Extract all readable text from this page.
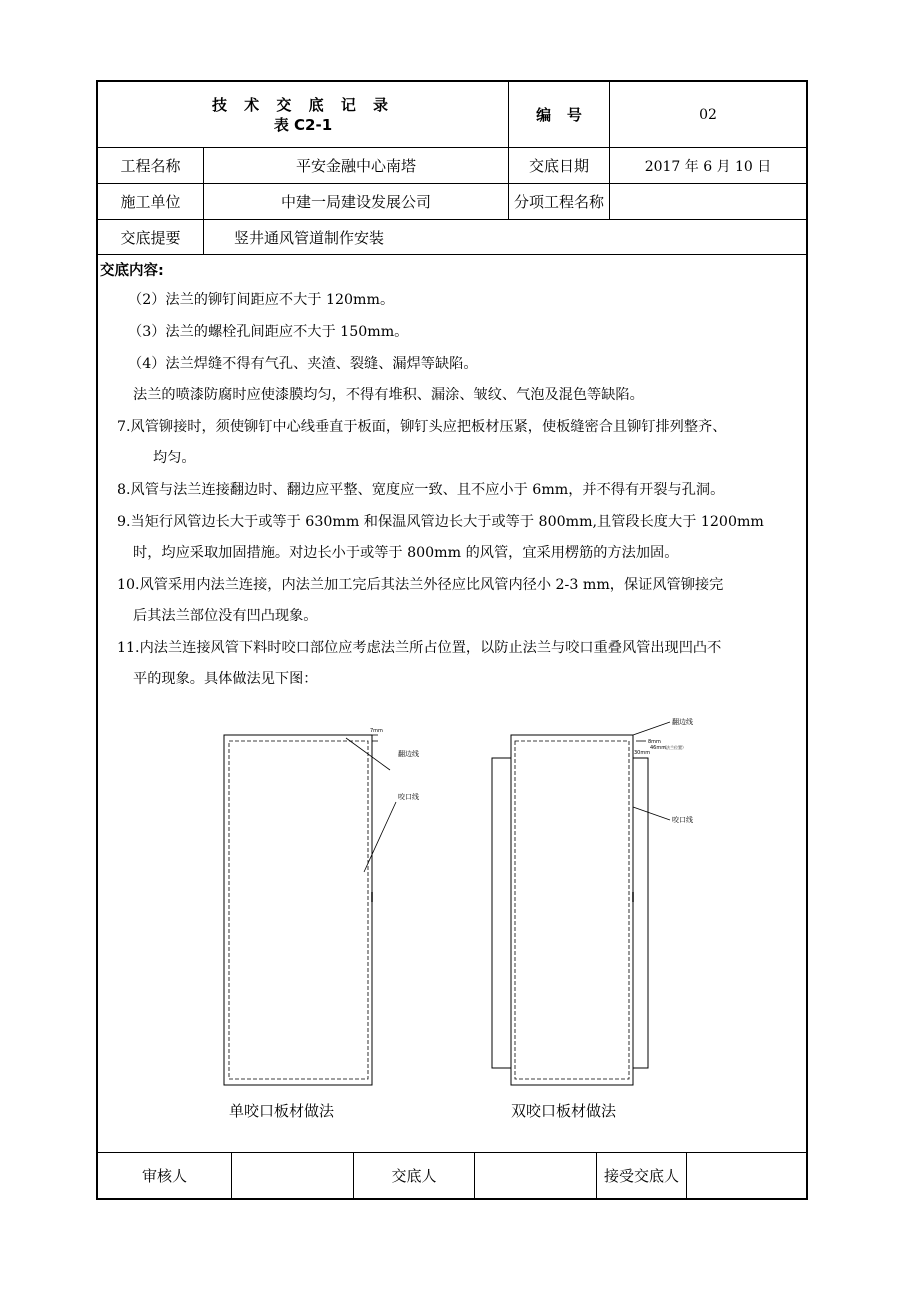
技 术 交 底 记 录
表 C2-1
编   号	02
工程名称	平安金融中心南塔	交底日期	2017 年 6 月 10 日
施工单位	中建一局建设发展公司	分项工程名称
交底提要	竖井通风管道制作安装

交底内容:

（2）法兰的铆钉间距应不大于 120mm。

（3）法兰的螺栓孔间距应不大于 150mm。

（4）法兰焊缝不得有气孔、夹渣、裂缝、漏焊等缺陷。

法兰的喷漆防腐时应使漆膜均匀，不得有堆积、漏涂、皱纹、气泡及混色等缺陷。

7.风管铆接时，须使铆钉中心线垂直于板面，铆钉头应把板材压紧，使板缝密合且铆钉排列整齐、

均匀。

8.风管与法兰连接翻边时、翻边应平整、宽度应一致、且不应小于 6mm，并不得有开裂与孔洞。

9.当矩行风管边长大于或等于 630mm 和保温风管边长大于或等于 800mm,且管段长度大于 1200mm

时，均应采取加固措施。对边长小于或等于 800mm 的风管，宜采用楞筋的方法加固。

10.风管采用内法兰连接，内法兰加工完后其法兰外径应比风管内径小 2-3 mm，保证风管铆接完

后其法兰部位没有凹凸现象。

11.内法兰连接风管下料时咬口部位应考虑法兰所占位置，以防止法兰与咬口重叠风管出现凹凸不

平的现象。具体做法见下图：

7mm
翻边线
咬口线
翻边线
咬口线
8mm
30mm
46mm
（法兰位置）
单咬口板材做法	双咬口板材做法
审核人	交底人	接受交底人
